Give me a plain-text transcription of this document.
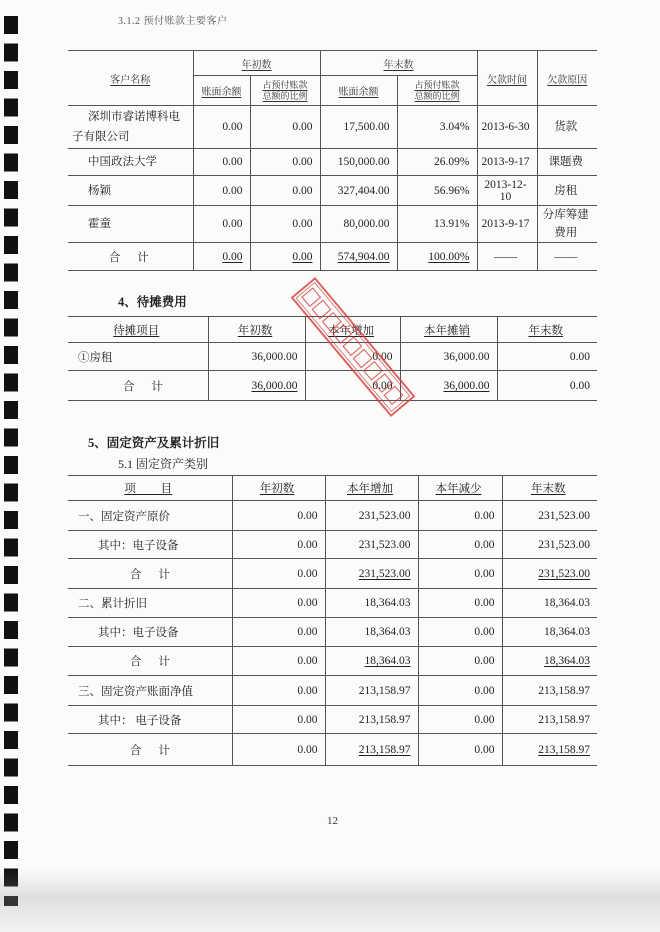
3.1.2 预付账款主要客户
客户名称	年初数		年末数		欠款时间	欠款原因
	账面余额	占预付账款总额的比例	账面余额	占预付账款总额的比例		
深圳市睿诺博科电子有限公司	0.00	0.00	17,500.00	3.04%	2013-6-30	货款
中国政法大学	0.00	0.00	150,000.00	26.09%	2013-9-17	课题费
杨颖	0.00	0.00	327,404.00	56.96%	2013-12-10	房租
霍童	0.00	0.00	80,000.00	13.91%	2013-9-17	分库筹建费用
合 计	0.00	0.00	574,904.00	100.00%	——	——
4、待摊费用
待摊项目	年初数	本年增加	本年摊销	年末数
①房租	36,000.00	0.00	36,000.00	0.00
合 计	36,000.00	0.00	36,000.00	0.00
5、固定资产及累计折旧
5.1 固定资产类别
项 目	年初数	本年增加	本年减少	年末数
一、固定资产原价	0.00	231,523.00	0.00	231,523.00
其中：电子设备	0.00	231,523.00	0.00	231,523.00
合 计	0.00	231,523.00	0.00	231,523.00
二、累计折旧	0.00	18,364.03	0.00	18,364.03
其中：电子设备	0.00	18,364.03	0.00	18,364.03
合 计	0.00	18,364.03	0.00	18,364.03
三、固定资产账面净值	0.00	213,158.97	0.00	213,158.97
其中： 电子设备	0.00	213,158.97	0.00	213,158.97
合 计	0.00	213,158.97	0.00	213,158.97
12
